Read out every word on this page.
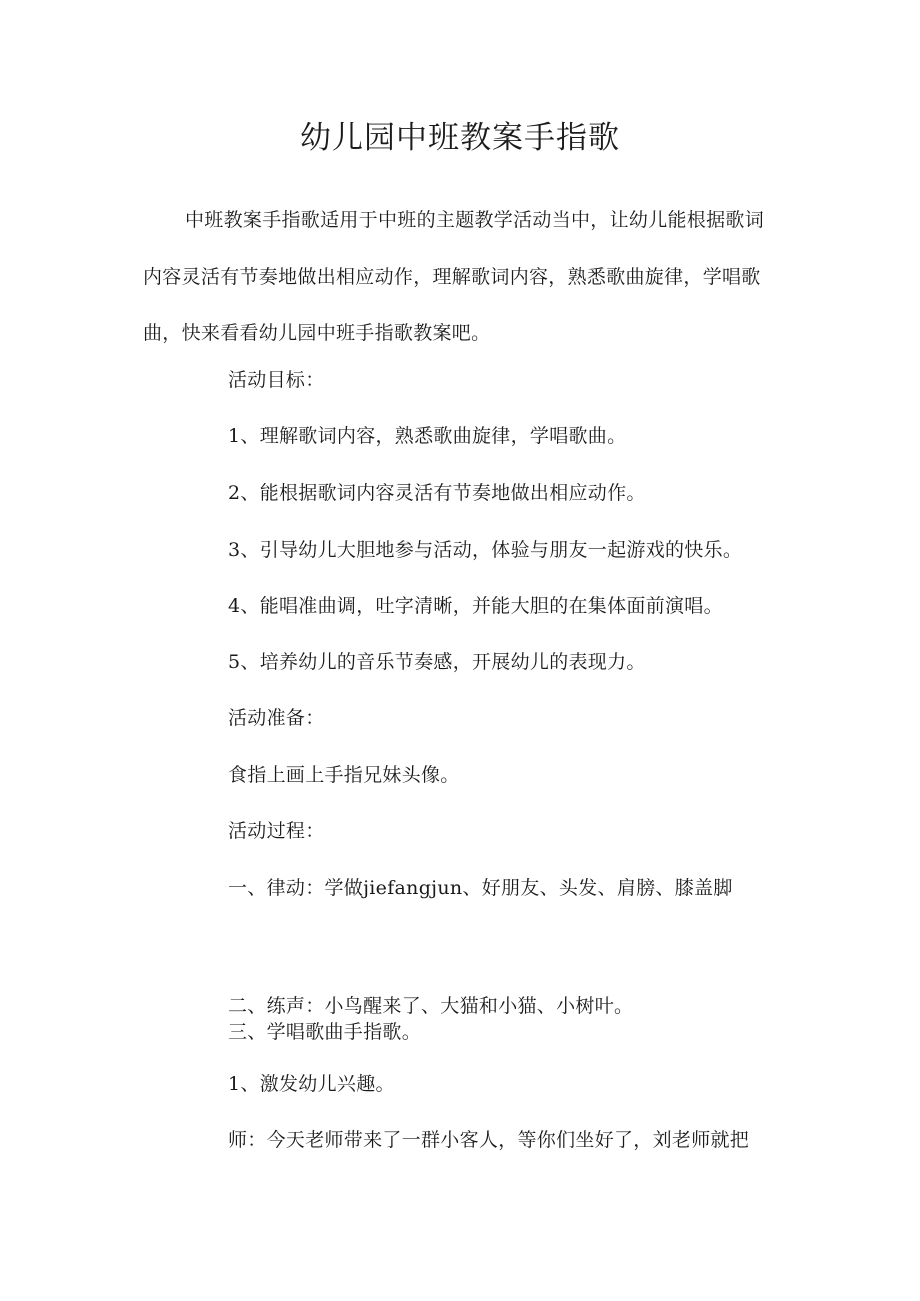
幼儿园中班教案手指歌

中班教案手指歌适用于中班的主题教学活动当中，让幼儿能根据歌词内容灵活有节奏地做出相应动作，理解歌词内容，熟悉歌曲旋律，学唱歌曲，快来看看幼儿园中班手指歌教案吧。

活动目标：

1、理解歌词内容，熟悉歌曲旋律，学唱歌曲。

2、能根据歌词内容灵活有节奏地做出相应动作。

3、引导幼儿大胆地参与活动，体验与朋友一起游戏的快乐。

4、能唱准曲调，吐字清晰，并能大胆的在集体面前演唱。

5、培养幼儿的音乐节奏感，开展幼儿的表现力。

活动准备：

食指上画上手指兄妹头像。

活动过程：

一、律动：学做jiefangjun、好朋友、头发、肩膀、膝盖脚

二、练声：小鸟醒来了、大猫和小猫、小树叶。

三、学唱歌曲手指歌。

1、激发幼儿兴趣。

师：今天老师带来了一群小客人，等你们坐好了，刘老师就把
